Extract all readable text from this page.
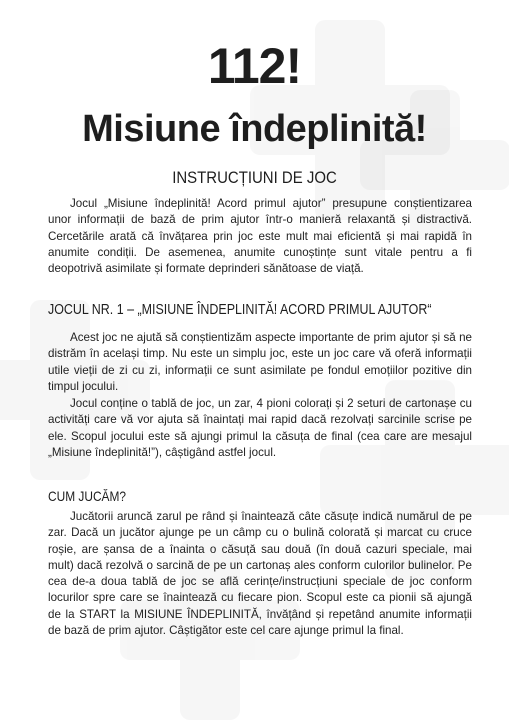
112!
Misiune îndeplinită!
INSTRUCȚIUNI DE JOC

Jocul „Misiune îndeplinită! Acord primul ajutor” presupune conștientizarea unor informații de bază de prim ajutor într-o manieră relaxantă și distractivă. Cercetările arată că învățarea prin joc este mult mai eficientă și mai rapidă în anumite condiții. De asemenea, anumite cunoștințe sunt vitale pentru a fi deopotrivă asimilate și formate deprinderi sănătoase de viață.

JOCUL NR. 1 – „MISIUNE ÎNDEPLINITĂ! ACORD PRIMUL AJUTOR“

Acest joc ne ajută să conștientizăm aspecte importante de prim ajutor și să ne distrăm în același timp. Nu este un simplu joc, este un joc care vă oferă informații utile vieții de zi cu zi, informații ce sunt asimilate pe fondul emoțiilor pozitive din timpul jocului.

Jocul conține o tablă de joc, un zar, 4 pioni colorați și 2 seturi de cartonașe cu activități care vă vor ajuta să înaintați mai rapid dacă rezolvați sarcinile scrise pe ele. Scopul jocului este să ajungi primul la căsuța de final (cea care are mesajul „Misiune îndeplinită!”), câștigând astfel jocul.

CUM JUCĂM?

Jucătorii aruncă zarul pe rând și înaintează câte căsuțe indică numărul de pe zar. Dacă un jucător ajunge pe un câmp cu o bulină colorată și marcat cu cruce roșie, are șansa de a înainta o căsuță sau două (în două cazuri speciale, mai mult) dacă rezolvă o sarcină de pe un cartonaș ales conform culorilor bulinelor. Pe cea de-a doua tablă de joc se află cerințe/instrucțiuni speciale de joc conform locurilor spre care se înaintează cu fiecare pion. Scopul este ca pionii să ajungă de la START la MISIUNE ÎNDEPLINITĂ, învățând și repetând anumite informații de bază de prim ajutor. Câștigător este cel care ajunge primul la final.
